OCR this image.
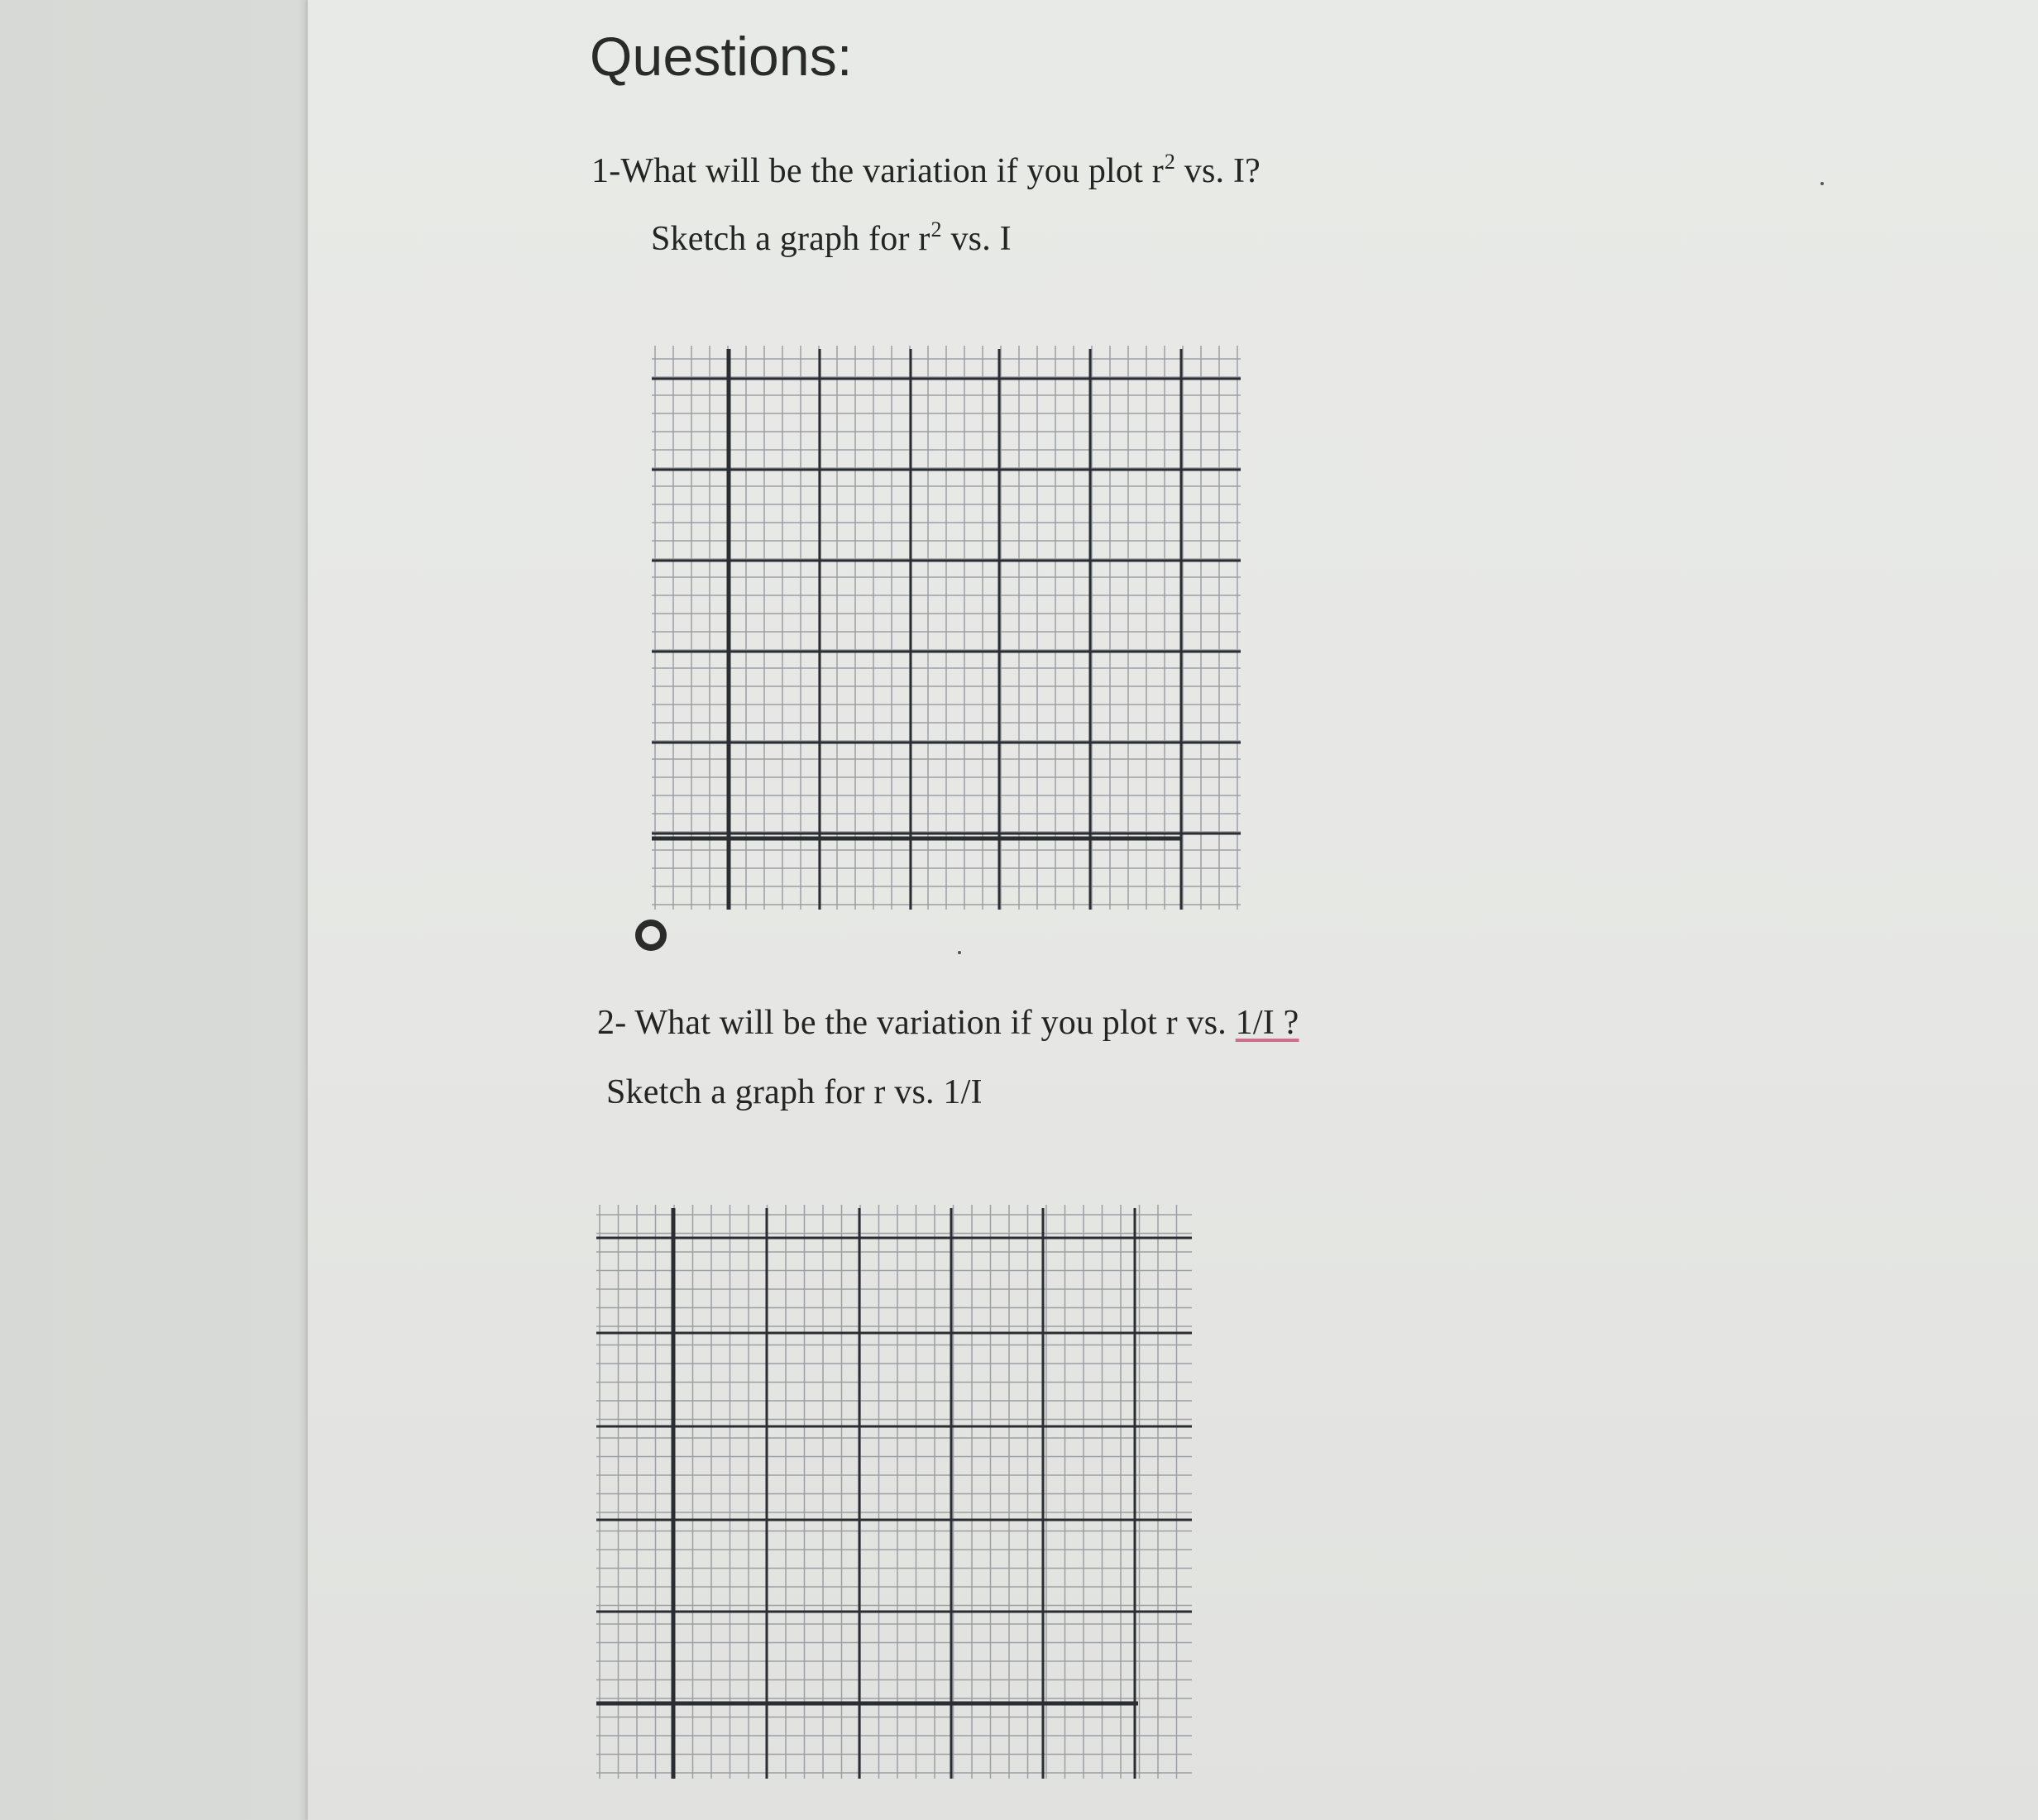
Questions:
1-What will be the variation if you plot $r^2$ vs. I?
Sketch a graph for $r^2$ vs. I
2- What will be the variation if you plot r vs. 1/I ?
Sketch a graph for r vs. 1/I
